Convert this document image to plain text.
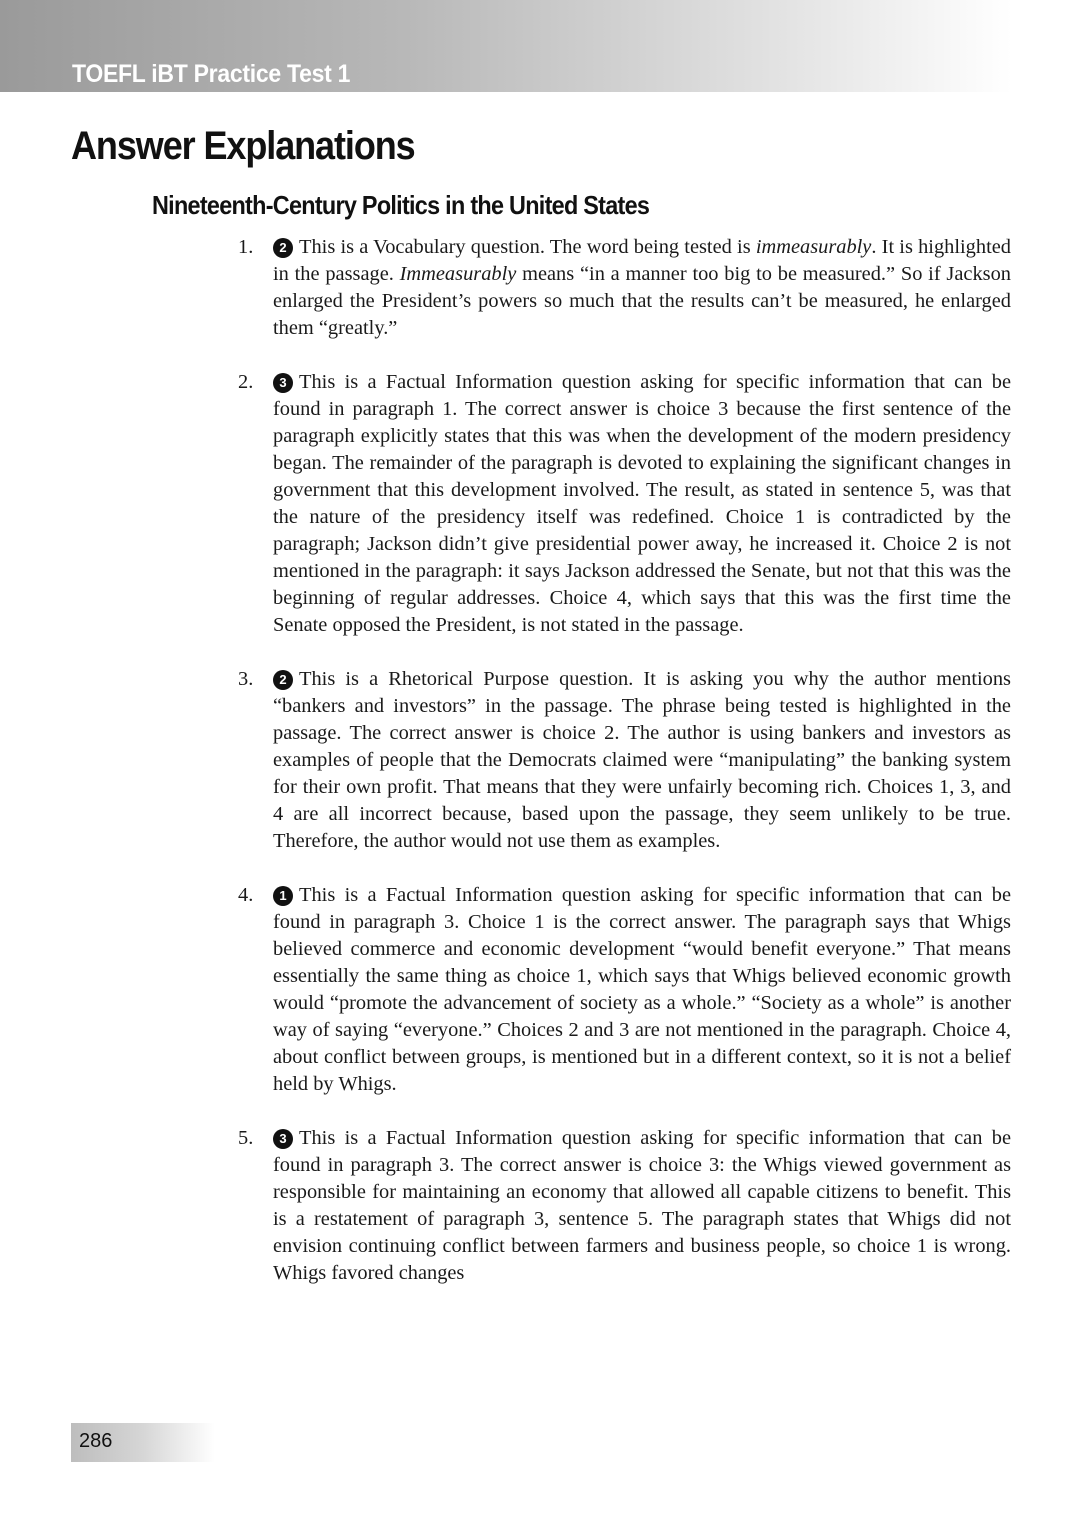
TOEFL iBT Practice Test 1
Answer Explanations
Nineteenth-Century Politics in the United States
1. 2 This is a Vocabulary question. The word being tested is immeasurably. It is highlighted in the passage. Immeasurably means “in a manner too big to be measured.” So if Jackson enlarged the President’s powers so much that the results can’t be measured, he enlarged them “greatly.”
2. 3 This is a Factual Information question asking for specific information that can be found in paragraph 1. The correct answer is choice 3 because the first sentence of the paragraph explicitly states that this was when the development of the modern presidency began. The remainder of the paragraph is devoted to explaining the significant changes in government that this development involved. The result, as stated in sentence 5, was that the nature of the presidency itself was redefined. Choice 1 is contradicted by the paragraph; Jackson didn’t give presidential power away, he increased it. Choice 2 is not mentioned in the paragraph: it says Jackson addressed the Senate, but not that this was the beginning of regular addresses. Choice 4, which says that this was the first time the Senate opposed the President, is not stated in the passage.
3. 2 This is a Rhetorical Purpose question. It is asking you why the author mentions “bankers and investors” in the passage. The phrase being tested is highlighted in the passage. The correct answer is choice 2. The author is using bankers and investors as examples of people that the Democrats claimed were “manipulating” the banking system for their own profit. That means that they were unfairly becoming rich. Choices 1, 3, and 4 are all incorrect because, based upon the passage, they seem unlikely to be true. Therefore, the author would not use them as examples.
4. 1 This is a Factual Information question asking for specific information that can be found in paragraph 3. Choice 1 is the correct answer. The paragraph says that Whigs believed commerce and economic development “would benefit everyone.” That means essentially the same thing as choice 1, which says that Whigs believed economic growth would “promote the advancement of society as a whole.” “Society as a whole” is another way of saying “everyone.” Choices 2 and 3 are not mentioned in the paragraph. Choice 4, about conflict between groups, is mentioned but in a different context, so it is not a belief held by Whigs.
5. 3 This is a Factual Information question asking for specific information that can be found in paragraph 3. The correct answer is choice 3: the Whigs viewed government as responsible for maintaining an economy that allowed all capable citizens to benefit. This is a restatement of paragraph 3, sentence 5. The paragraph states that Whigs did not envision continuing conflict between farmers and business people, so choice 1 is wrong. Whigs favored changes
286
